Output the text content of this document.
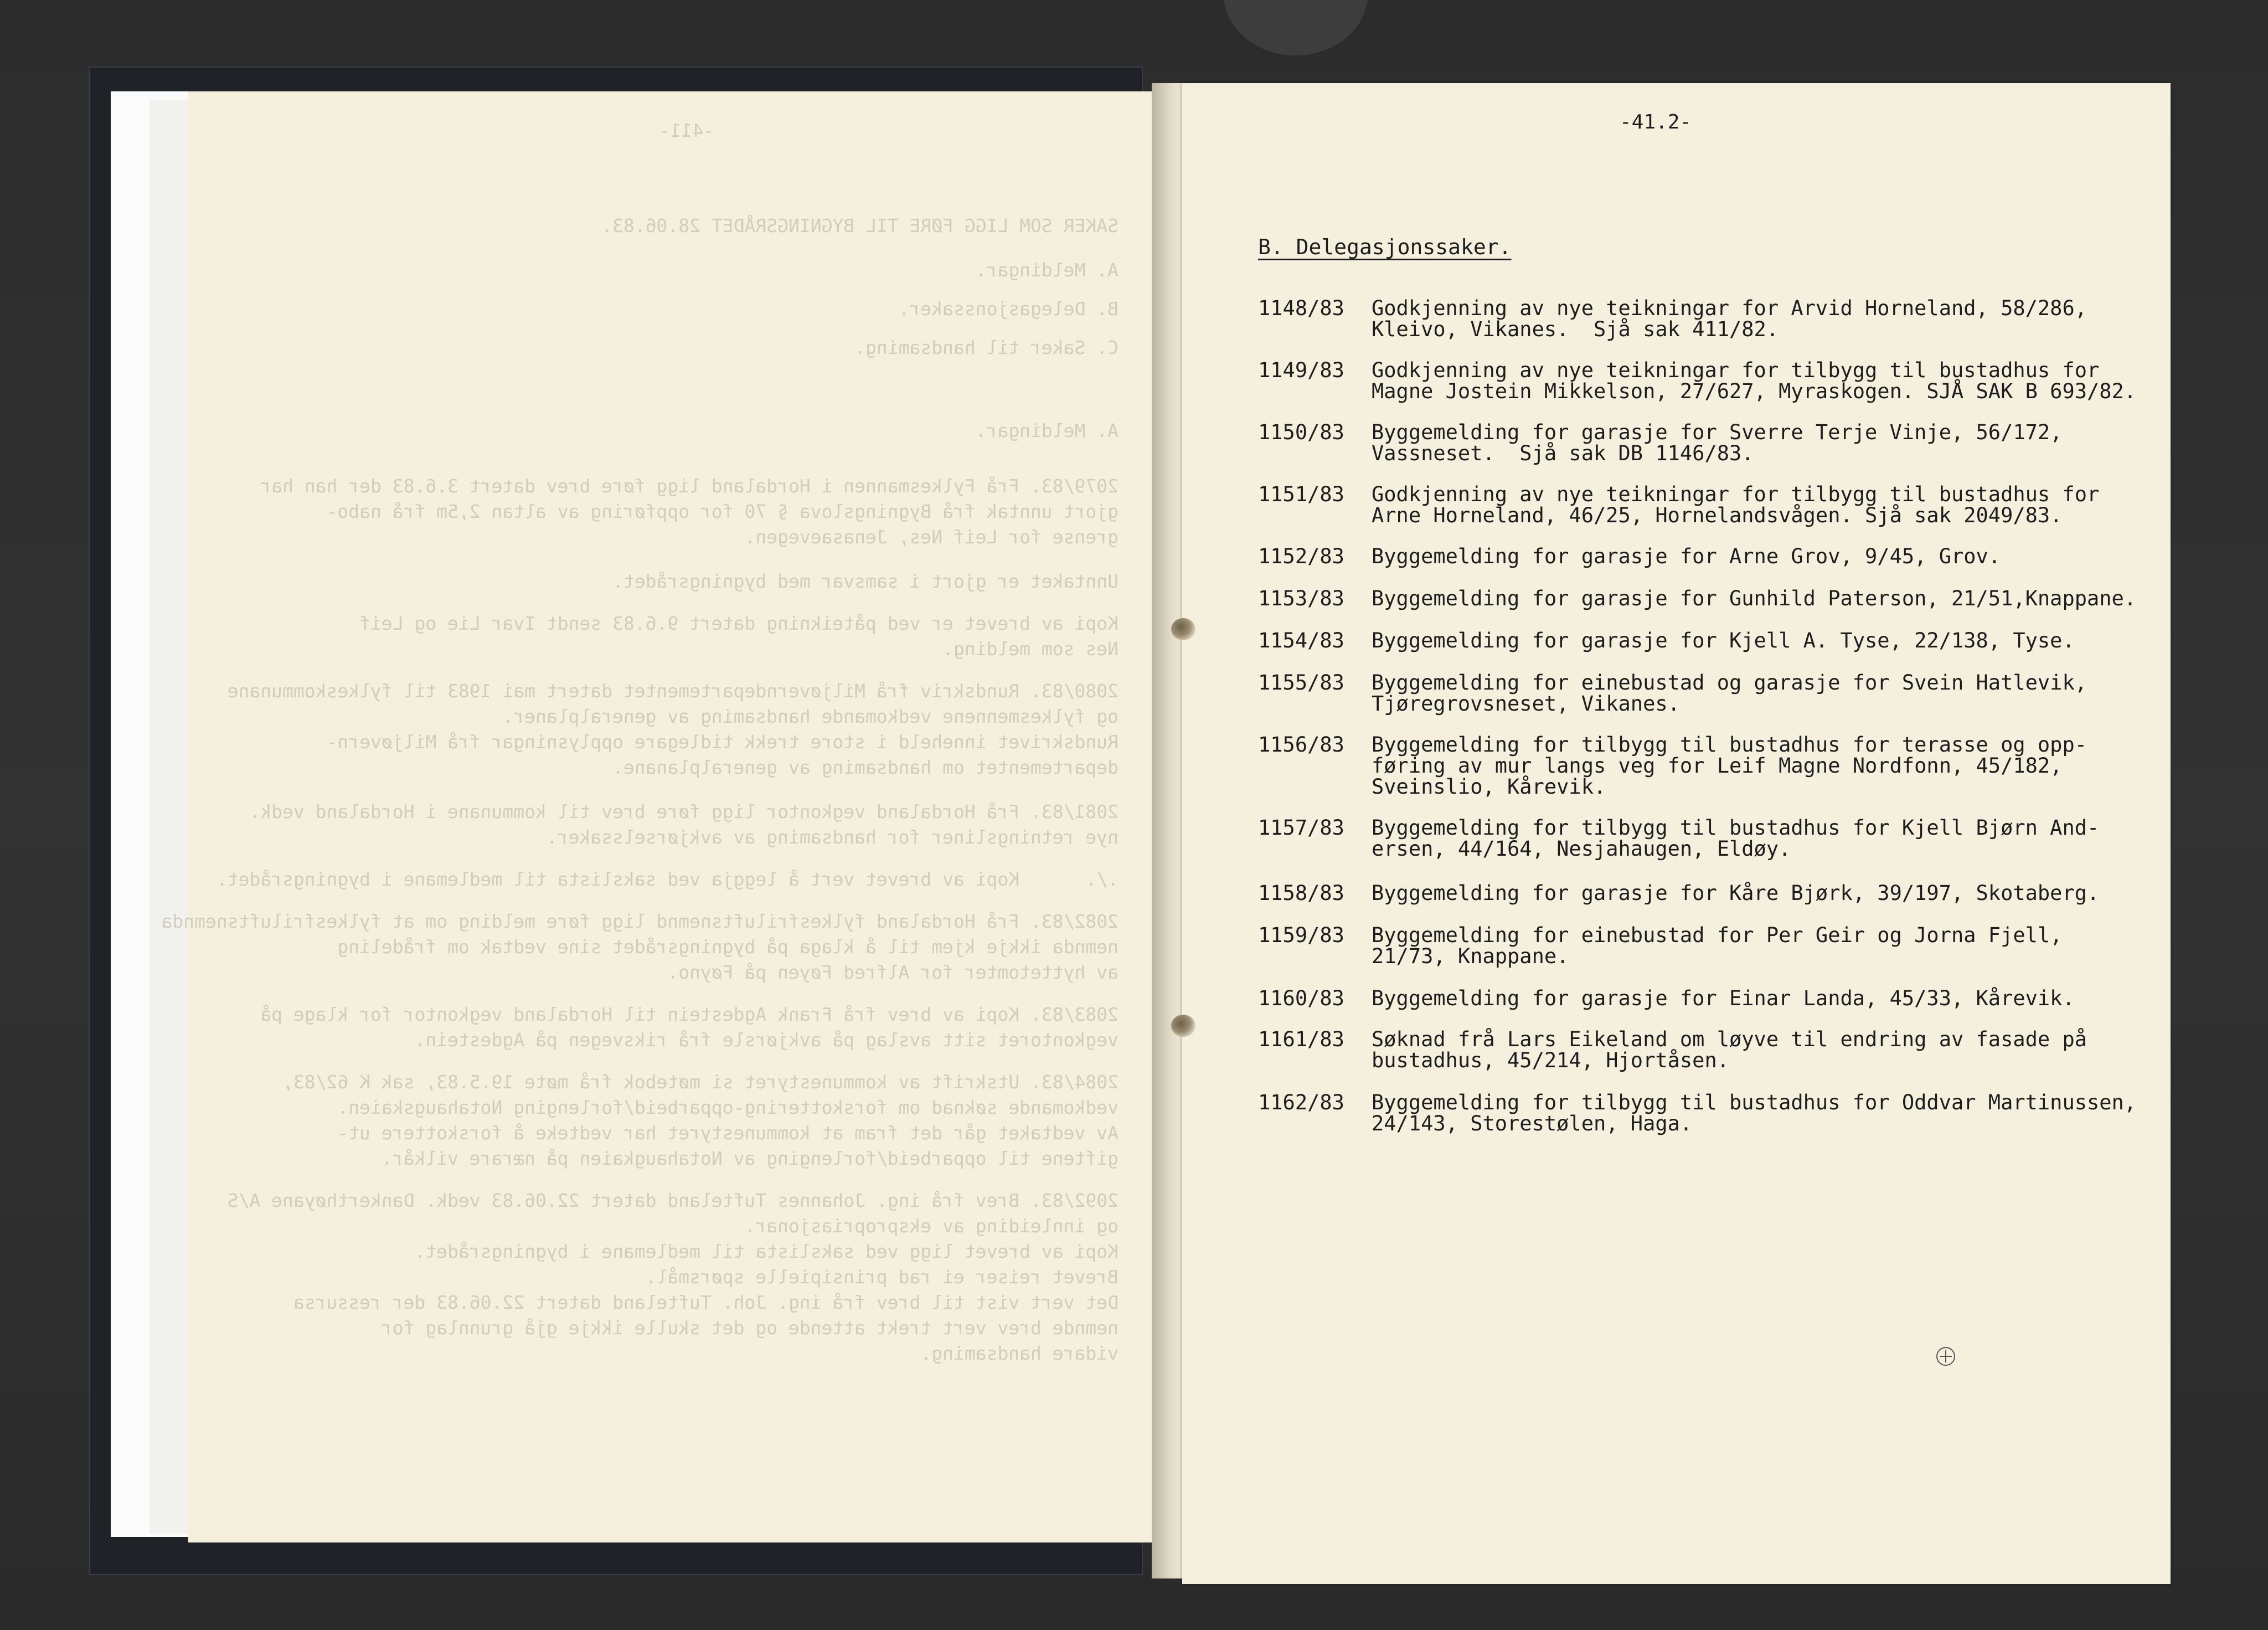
-411-

SAKER SOM LIGG FØRE TIL BYGNINGSRÅDET 28.06.83.
A. Meldingar.
B. Delegasjonssaker.
C. Saker til handsaming.
A. Meldingar.
2079/83. Frå Fylkesmannen i Hordaland ligg føre brev datert 3.6.83 der han har
gjort unntak frå Bygningslova § 70 for oppføring av altan 2,5m frå nabo-
grense for Leif Nes, Jenasaevegen.
Unntaket er gjort i samsvar med bygningsrådet.
Kopi av brevet er ved påteikning datert 9.6.83 sendt Ivar Lie og Leif
Nes som melding.
2080/83. Rundskriv frå Miljøverndepartementet datert mai 1983 til fylkeskommunane
og fylkesmennene vedkomande handsaming av generalplaner.
Rundskrivet inneheld i store trekk tidlegare opplysningar frå Miljøvern-
departementet om handsaming av generalplanane.
2081/83. Frå Hordaland vegkontor ligg føre brev til kommunane i Hordaland vedk.
nye retningsliner for handsaming av avkjørselssaker.
./.      Kopi av brevet vert å leggja ved sakslista til medlemane i bygningsrådet.
2082/83. Frå Hordaland fylkesfriluftsnemnd ligg føre melding om at fylkesfriluftsnemnda
nemnda ikkje kjem til å klaga på bygningsrådet sine vedtak om frådeling
av hyttetomter for Alfred Føyen på Føyno.
2083/83. Kopi av brev frå Frank Agdestein til Hordaland vegkontor for klage på
vegkontoret sitt avslag på avkjørsle frå riksvegen på Agdestein.
2084/83. Utskrift av kommunestyret si møtebok frå møte 19.5.83, sak K 62/83,
vedkomande søknad om forskottering-opparbeid/forlenging Notahaugskaien.
Av vedtaket går det fram at kommunestyret har vedteke å forskottere ut-
giftene til opparbeid/forlenging av Notahaugkaien på nærare vilkår.
2092/83. Brev frå ing. Johannes Tufteland datert 22.06.83 vedk. Dankerthøyane A/S
og innleiding av ekspropriasjonar.
Kopi av brevet ligg ved sakslista til medlemane i bygningsrådet.
Brevet reiser ei rad prinsipielle spørsmål.
Det vert vist til brev frå ing. Joh. Tufteland datert 22.06.83 der ressursa
nemnde brev vert trekt attende og det skulle ikkje gjå grunnlag for
vidare handsaming.

-41.2-
B. Delegasjonssaker.
1148/83 Godkjenning av nye teikningar for Arvid Horneland, 58/286,
Kleivo, Vikanes.  Sjå sak 411/82.
1149/83 Godkjenning av nye teikningar for tilbygg til bustadhus for
Magne Jostein Mikkelson, 27/627, Myraskogen. SJÅ SAK B 693/82.
1150/83 Byggemelding for garasje for Sverre Terje Vinje, 56/172,
Vassneset.  Sjå sak DB 1146/83.
1151/83 Godkjenning av nye teikningar for tilbygg til bustadhus for
Arne Horneland, 46/25, Hornelandsvågen. Sjå sak 2049/83.
1152/83 Byggemelding for garasje for Arne Grov, 9/45, Grov.
1153/83 Byggemelding for garasje for Gunhild Paterson, 21/51,Knappane.
1154/83 Byggemelding for garasje for Kjell A. Tyse, 22/138, Tyse.
1155/83 Byggemelding for einebustad og garasje for Svein Hatlevik,
Tjøregrovsneset, Vikanes.
1156/83 Byggemelding for tilbygg til bustadhus for terasse og opp-
føring av mur langs veg for Leif Magne Nordfonn, 45/182,
Sveinslio, Kårevik.
1157/83 Byggemelding for tilbygg til bustadhus for Kjell Bjørn And-
ersen, 44/164, Nesjahaugen, Eldøy.
1158/83 Byggemelding for garasje for Kåre Bjørk, 39/197, Skotaberg.
1159/83 Byggemelding for einebustad for Per Geir og Jorna Fjell,
21/73, Knappane.
1160/83 Byggemelding for garasje for Einar Landa, 45/33, Kårevik.
1161/83 Søknad frå Lars Eikeland om løyve til endring av fasade på
bustadhus, 45/214, Hjortåsen.
1162/83 Byggemelding for tilbygg til bustadhus for Oddvar Martinussen,
24/143, Storestølen, Haga.
